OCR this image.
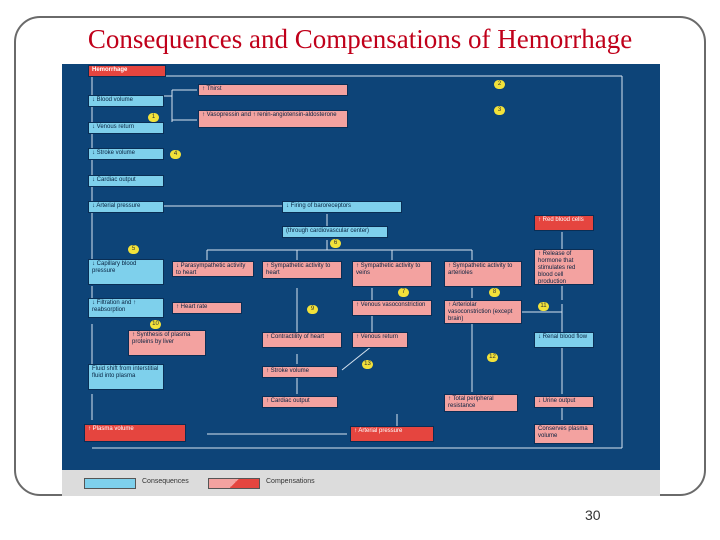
Consequences and Compensations of Hemorrhage
Hemorrhage
↓ Blood volume
↓ Venous return
↓ Stroke volume
↓ Cardiac output
↓ Arterial pressure
↑ Thirst
↑ Vasopressin and ↑ renin-angiotensin-aldosterone
↓ Firing of baroreceptors
(through cardiovascular center)
↑ Red blood cells
↑ Release of hormone that stimulates red blood cell production
↓ Capillary blood pressure
↓ Parasympathetic activity to heart
↑ Sympathetic activity to heart
↑ Sympathetic activity to veins
↑ Sympathetic activity to arterioles
↓ Filtration and ↑ reabsorption	↑ Heart rate	↑ Venous vasoconstriction	↑ Arteriolar vasoconstriction (except brain)
↑ Synthesis of plasma proteins by liver
↑ Contractility of heart	↑ Venous return	↓ Renal blood flow
Fluid shift from interstitial fluid into plasma
↑ Stroke volume
↑ Cardiac output	↑ Total peripheral resistance
↓ Urine output
↑ Plasma volume	↑ Arterial pressure	Conserves plasma volume
1
2
3
4
5
6
7	8
9
10
11
12
13
Consequences	Compensations
30
